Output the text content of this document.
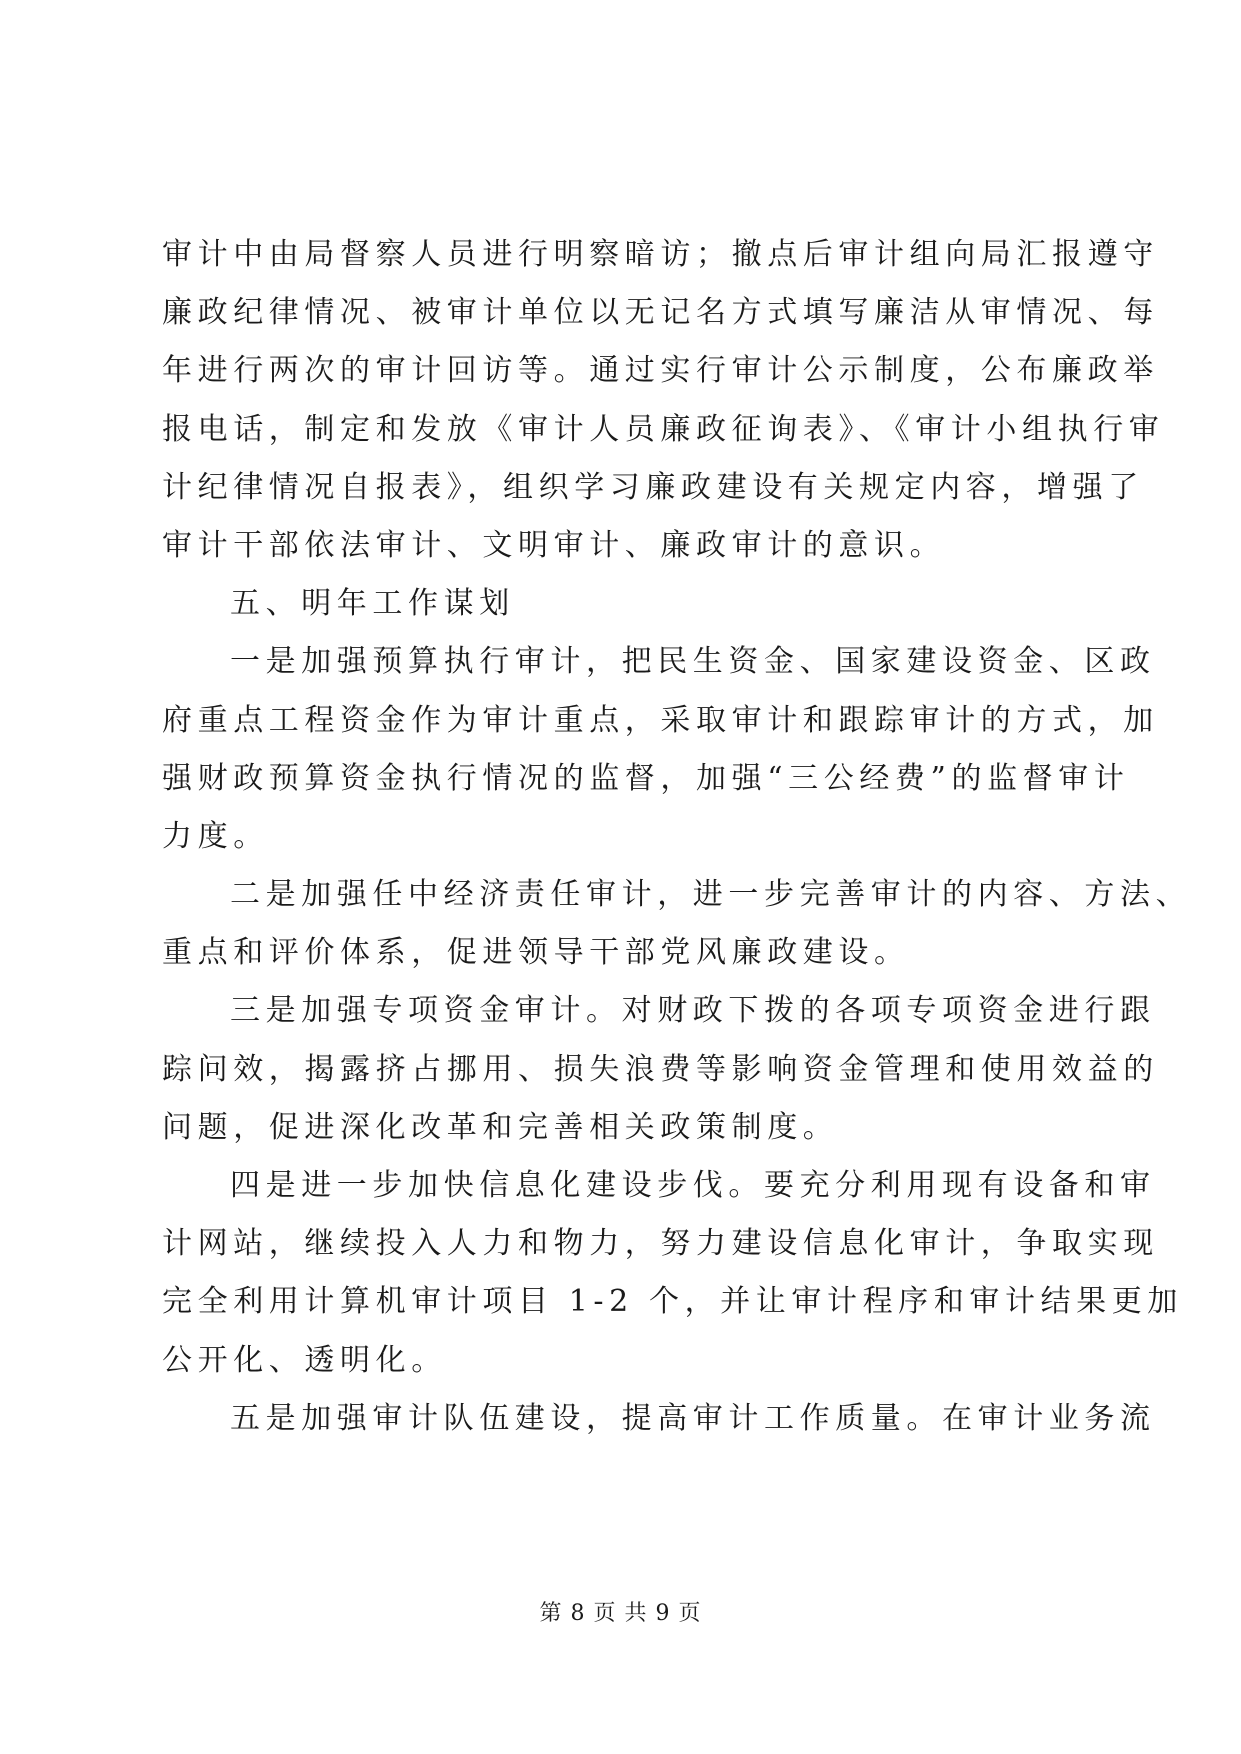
审计中由局督察人员进行明察暗访；撤点后审计组向局汇报遵守
廉政纪律情况、被审计单位以无记名方式填写廉洁从审情况、每
年进行两次的审计回访等。通过实行审计公示制度，公布廉政举
报电话，制定和发放《审计人员廉政征询表》、《审计小组执行审
计纪律情况自报表》，组织学习廉政建设有关规定内容，增强了
审计干部依法审计、文明审计、廉政审计的意识。
五、明年工作谋划
一是加强预算执行审计，把民生资金、国家建设资金、区政
府重点工程资金作为审计重点，采取审计和跟踪审计的方式，加
强财政预算资金执行情况的监督，加强“三公经费”的监督审计
力度。
二是加强任中经济责任审计，进一步完善审计的内容、方法、
重点和评价体系，促进领导干部党风廉政建设。
三是加强专项资金审计。对财政下拨的各项专项资金进行跟
踪问效，揭露挤占挪用、损失浪费等影响资金管理和使用效益的
问题，促进深化改革和完善相关政策制度。
四是进一步加快信息化建设步伐。要充分利用现有设备和审
计网站，继续投入人力和物力，努力建设信息化审计，争取实现
完全利用计算机审计项目 1-2 个，并让审计程序和审计结果更加
公开化、透明化。
五是加强审计队伍建设，提高审计工作质量。在审计业务流
第 8 页 共 9 页
